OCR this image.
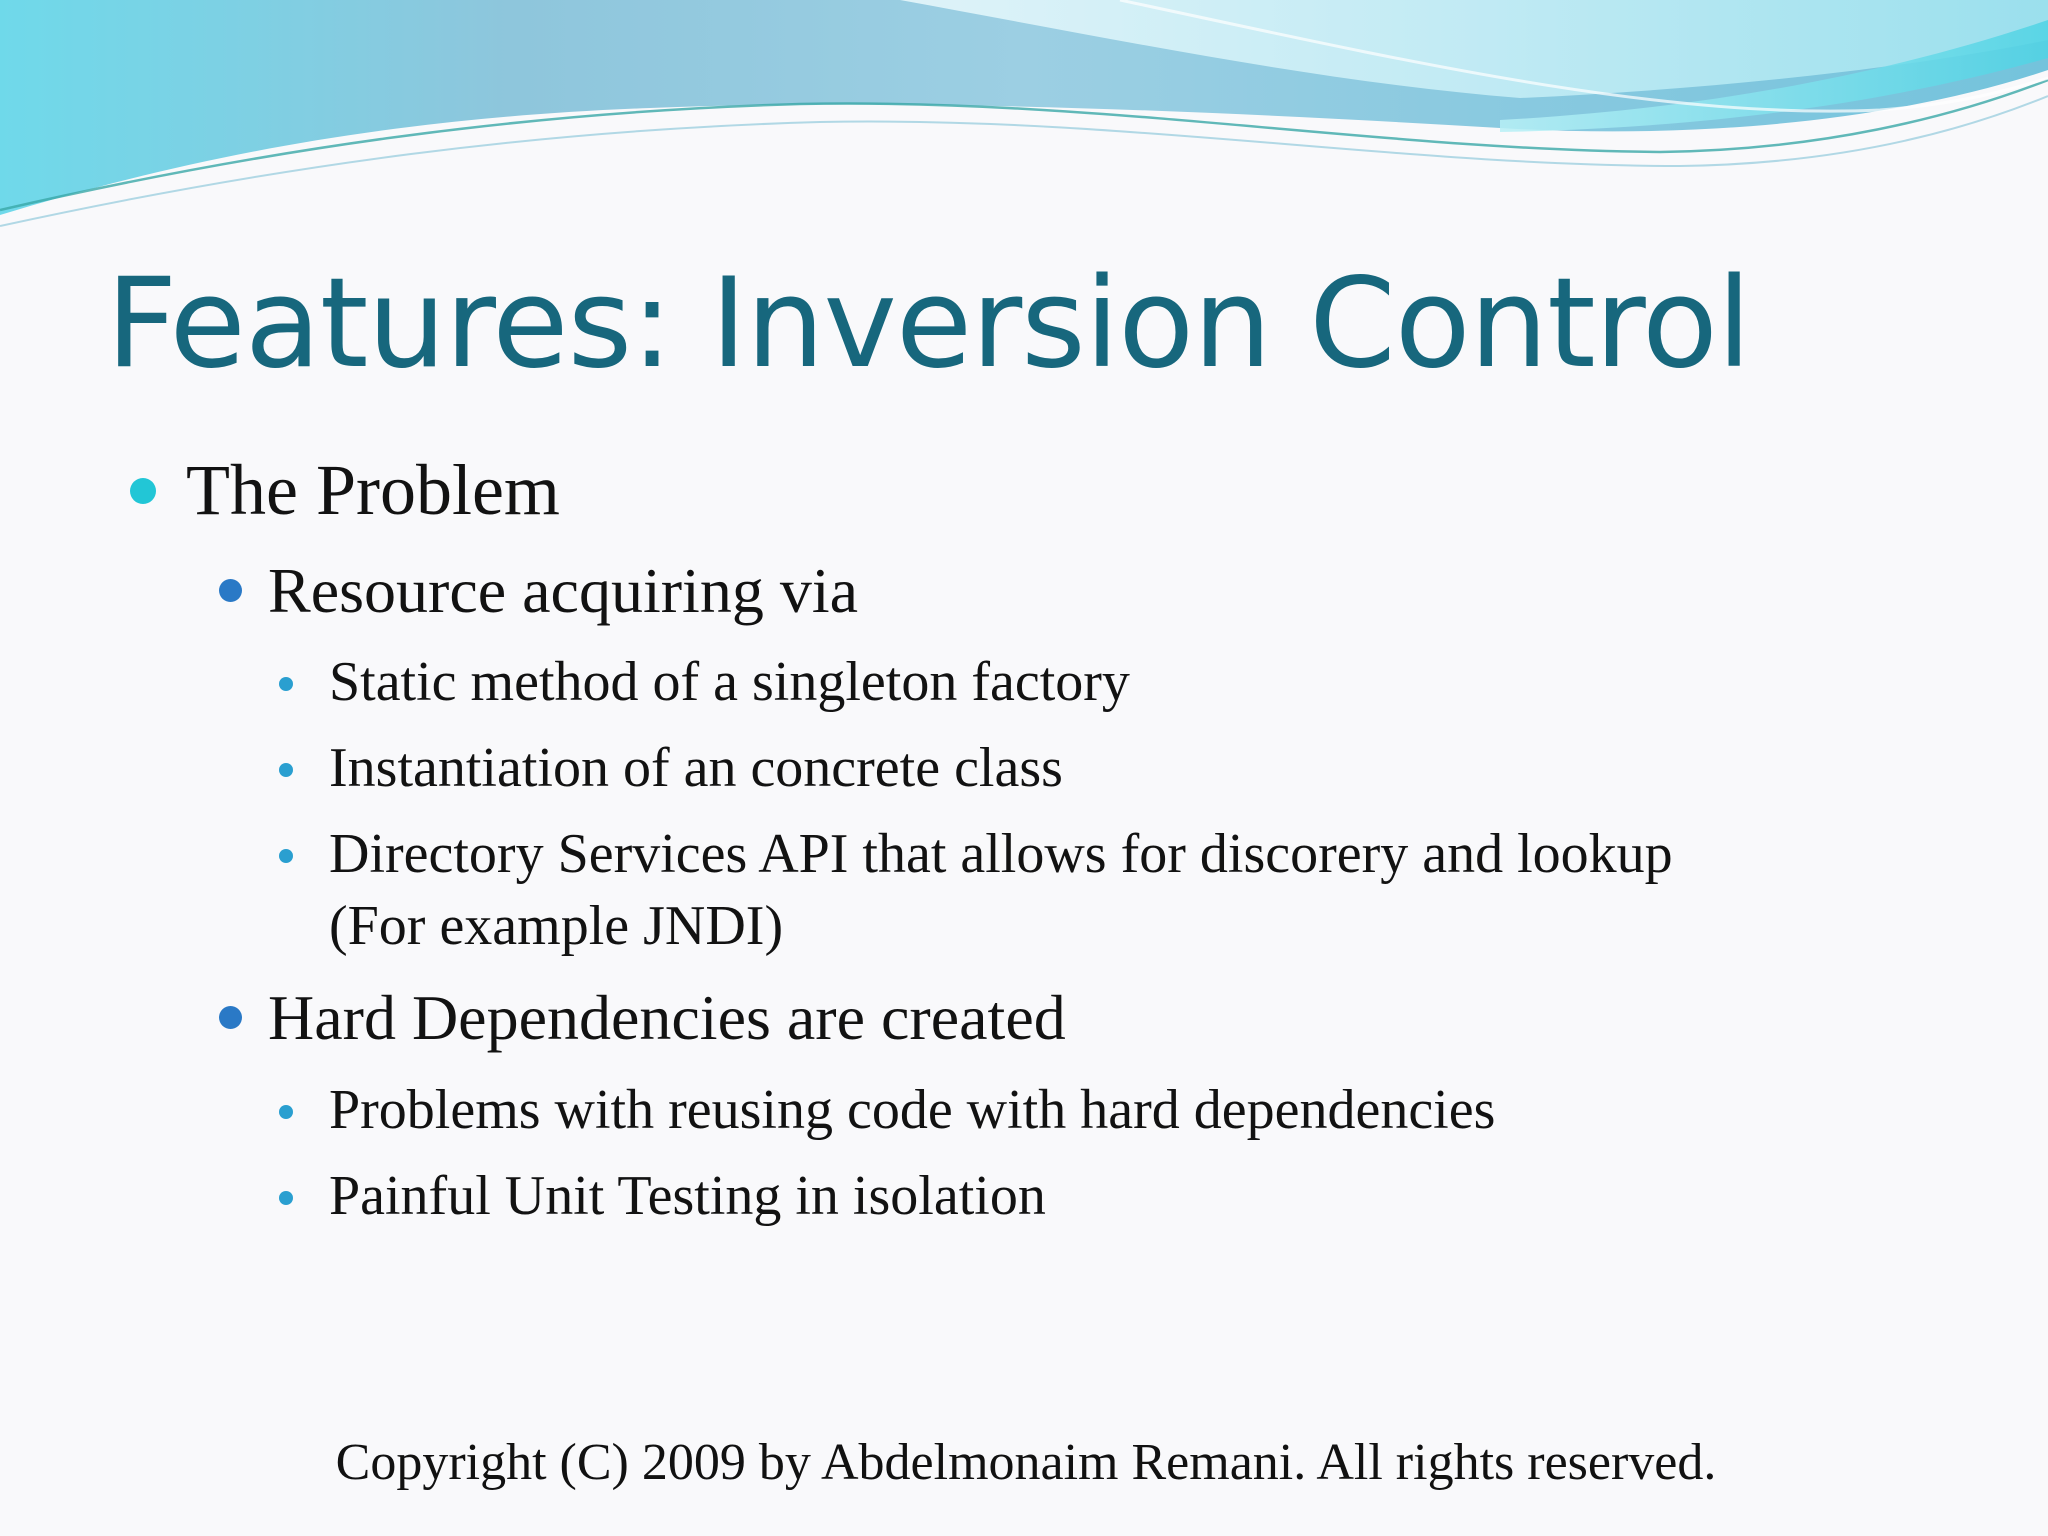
Features: Inversion Control
The Problem
Resource acquiring via
Static method of a singleton factory
Instantiation of an concrete class
Directory Services API that allows for discorery and lookup
(For example JNDI)
Hard Dependencies are created
Problems with reusing code with hard dependencies
Painful Unit Testing in isolation
Copyright (C) 2009 by Abdelmonaim Remani. All rights reserved.
